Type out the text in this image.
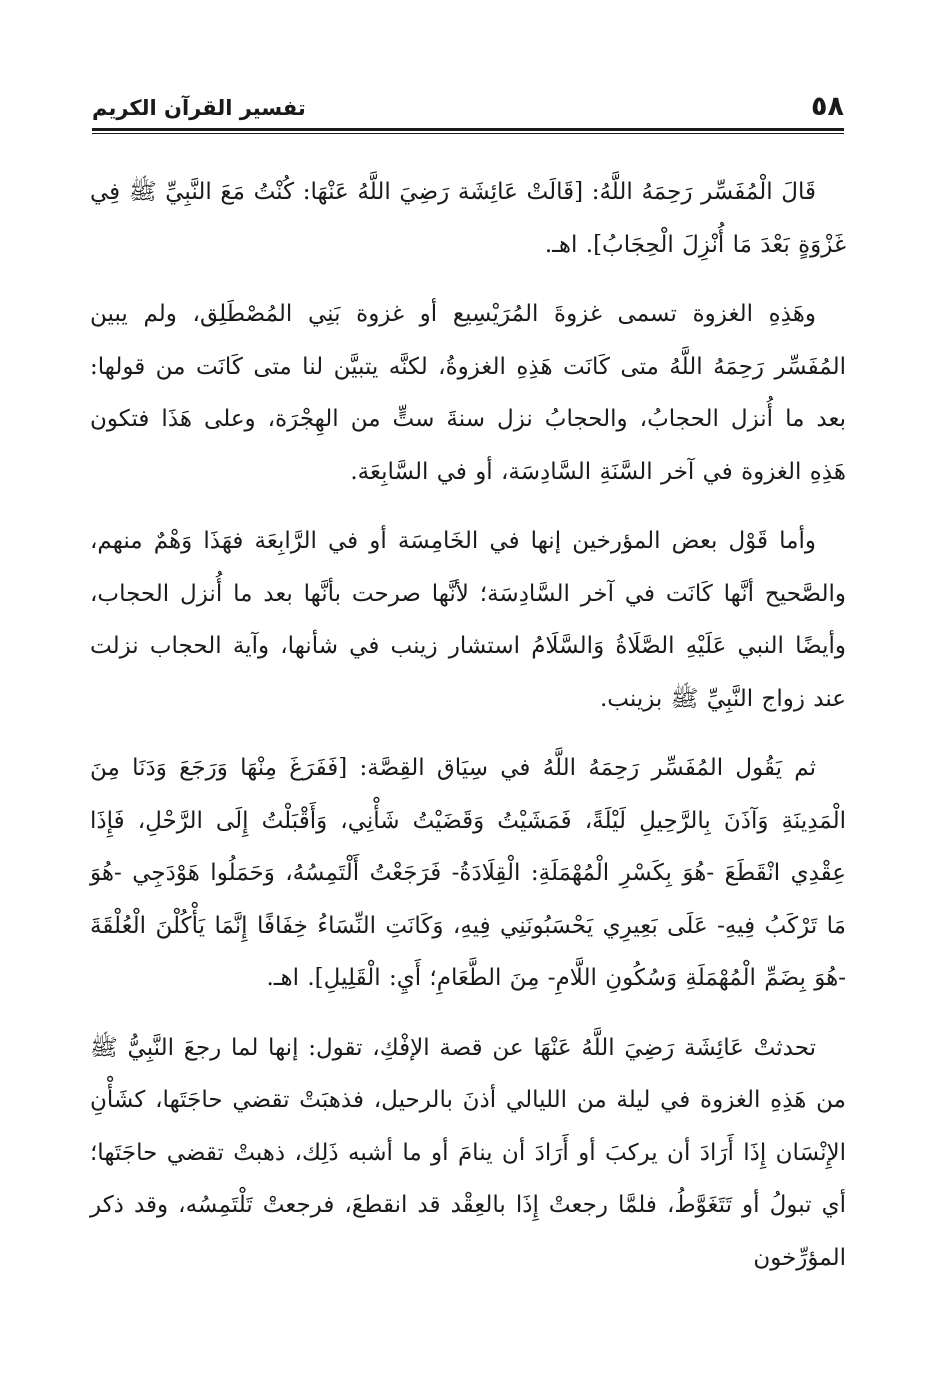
٥٨
تفسير القرآن الكريم

قَالَ الْمُفَسِّر رَحِمَهُ اللَّهُ: [قَالَتْ عَائِشَة رَضِيَ اللَّهُ عَنْهَا: كُنْتُ مَعَ النَّبِيِّ ﷺ فِي غَزْوَةٍ بَعْدَ مَا أُنْزِلَ الْحِجَابُ]. اهـ.

وهَذِهِ الغزوة تسمى غزوةَ المُرَيْسِيع أو غزوة بَنِي المُصْطَلِق، ولم يبين المُفَسِّر رَحِمَهُ اللَّهُ متى كَانَت هَذِهِ الغزوةُ، لكنَّه يتبيَّن لنا متى كَانَت من قولها: بعد ما أُنزل الحجابُ، والحجابُ نزل سنةَ ستٍّ من الهِجْرَة، وعلى هَذَا فتكون هَذِهِ الغزوة في آخر السَّنَةِ السَّادِسَة، أو في السَّابِعَة.

وأما قَوْل بعض المؤرخين إنها في الخَامِسَة أو في الرَّابِعَة فهَذَا وَهْمٌ منهم، والصَّحيح أنَّها كَانَت في آخر السَّادِسَة؛ لأنَّها صرحت بأنَّها بعد ما أُنزل الحجاب، وأيضًا النبي عَلَيْهِ الصَّلَاةُ وَالسَّلَامُ استشار زينب في شأنها، وآية الحجاب نزلت عند زواج النَّبِيِّ ﷺ بزينب.

ثم يَقُول المُفَسِّر رَحِمَهُ اللَّهُ في سِيَاق القِصَّة: [فَفَرَغَ مِنْهَا وَرَجَعَ وَدَنَا مِنَ الْمَدِينَةِ وَآذَنَ بِالرَّحِيلِ لَيْلَةً، فَمَشَيْتُ وَقَضَيْتُ شَأْنِي، وَأَقْبَلْتُ إِلَى الرَّحْلِ، فَإِذَا عِقْدِي انْقَطَعَ -هُوَ بِكَسْرِ الْمُهْمَلَةِ: الْقِلَادَةُ- فَرَجَعْتُ أَلْتَمِسُهُ، وَحَمَلُوا هَوْدَجِي -هُوَ مَا تَرْكَبُ فِيهِ- عَلَى بَعِيرِي يَحْسَبُونَنِي فِيهِ، وَكَانَتِ النِّسَاءُ خِفَافًا إِنَّمَا يَأْكُلْنَ الْعُلْقَةَ -هُوَ بِضَمِّ الْمُهْمَلَةِ وَسُكُونِ اللَّامِ- مِنَ الطَّعَامِ؛ أَيِ: الْقَلِيلِ]. اهـ.

تحدثتْ عَائِشَة رَضِيَ اللَّهُ عَنْهَا عن قصة الإفْكِ، تقول: إنها لما رجعَ النَّبِيُّ ﷺ من هَذِهِ الغزوة في ليلة من الليالي أذنَ بالرحيل، فذهبَتْ تقضي حاجَتَها، كشَأْنِ الإِنْسَان إِذَا أَرَادَ أن يركبَ أو أَرَادَ أن ينامَ أو ما أشبه ذَلِك، ذهبتْ تقضي حاجَتَها؛ أي تبولُ أو تَتَغَوَّطُ، فلمَّا رجعتْ إِذَا بالعِقْد قد انقطعَ، فرجعتْ تَلْتَمِسُه، وقد ذكر المؤرِّخون
